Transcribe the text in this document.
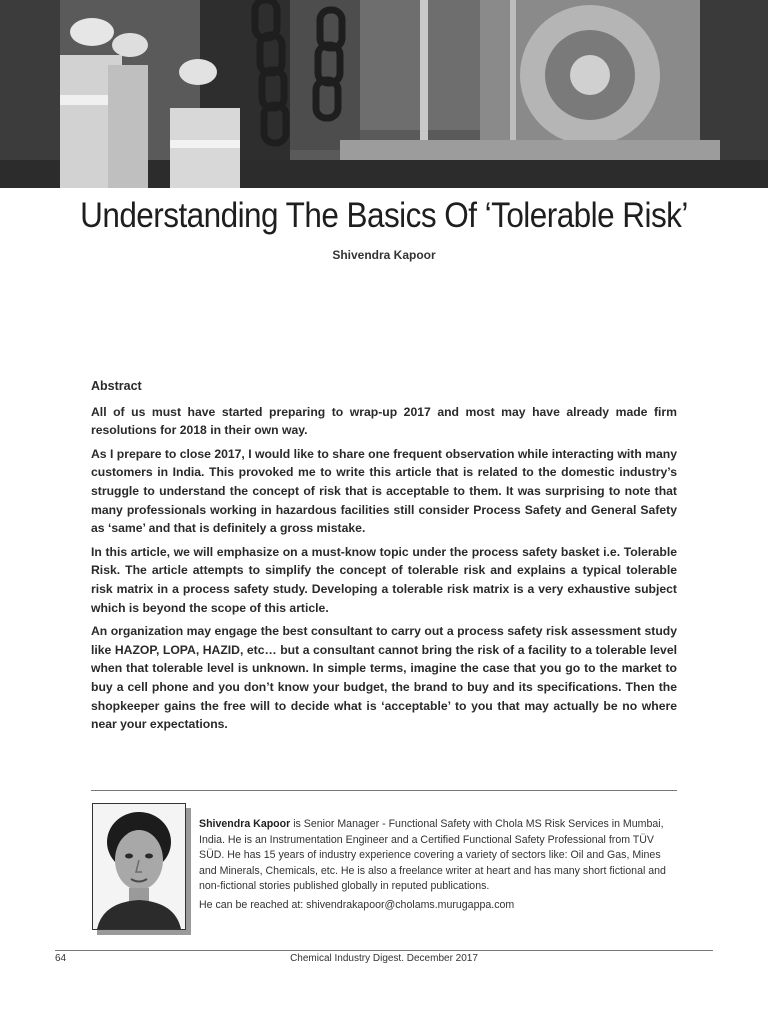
Understanding The Basics Of ‘Tolerable Risk’
Shivendra Kapoor
Abstract

All of us must have started preparing to wrap-up 2017 and most may have already made firm resolutions for 2018 in their own way.

As I prepare to close 2017, I would like to share one frequent observation while interacting with many customers in India. This provoked me to write this article that is related to the domestic industry’s struggle to understand the concept of risk that is acceptable to them. It was surprising to note that many professionals working in hazardous facilities still consider Process Safety and General Safety as ‘same’ and that is definitely a gross mistake.

In this article, we will emphasize on a must-know topic under the process safety basket i.e. Tolerable Risk. The article attempts to simplify the concept of tolerable risk and explains a typical tolerable risk matrix in a process safety study. Developing a tolerable risk matrix is a very exhaustive subject which is beyond the scope of this article.

An organization may engage the best consultant to carry out a process safety risk assessment study like HAZOP, LOPA, HAZID, etc… but a consultant cannot bring the risk of a facility to a tolerable level when that tolerable level is unknown. In simple terms, imagine the case that you go to the market to buy a cell phone and you don’t know your budget, the brand to buy and its specifications. Then the shopkeeper gains the free will to decide what is ‘acceptable’ to you that may actually be no where near your expectations.

Shivendra Kapoor is Senior Manager - Functional Safety with Chola MS Risk Services in Mumbai, India. He is an Instrumentation Engineer and a Certified Functional Safety Professional from TÜV SÜD. He has 15 years of industry experience covering a variety of sectors like: Oil and Gas, Mines and Minerals, Chemicals, etc. He is also a freelance writer at heart and has many short fictional and non-fictional stories published globally in reputed publications.

He can be reached at: shivendrakapoor@cholams.murugappa.com

64	Chemical Industry Digest. December 2017
